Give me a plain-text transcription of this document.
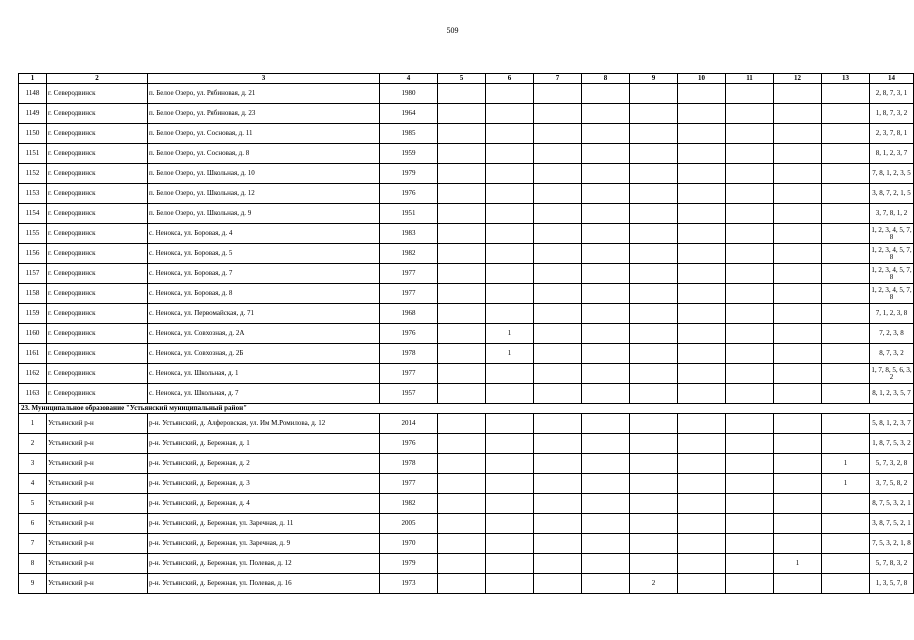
509
1	2	3	4	5	6	7	8	9	10	11	12	13	14
1148	г. Северодвинск	п. Белое Озеро, ул. Рябиновая, д. 21	1980										2, 8, 7, 3, 1
1149	г. Северодвинск	п. Белое Озеро, ул. Рябиновая, д. 23	1964										1, 8, 7, 3, 2
1150	г. Северодвинск	п. Белое Озеро, ул. Сосновая, д. 11	1985										2, 3, 7, 8, 1
1151	г. Северодвинск	п. Белое Озеро, ул. Сосновая, д. 8	1959										8, 1, 2, 3, 7
1152	г. Северодвинск	п. Белое Озеро, ул. Школьная, д. 10	1979										7, 8, 1, 2, 3, 5
1153	г. Северодвинск	п. Белое Озеро, ул. Школьная, д. 12	1976										3, 8, 7, 2, 1, 5
1154	г. Северодвинск	п. Белое Озеро, ул. Школьная, д. 9	1951										3, 7, 8, 1, 2
1155	г. Северодвинск	с. Ненокса, ул. Боровая, д. 4	1983										1, 2, 3, 4, 5, 7, 8
1156	г. Северодвинск	с. Ненокса, ул. Боровая, д. 5	1982										1, 2, 3, 4, 5, 7, 8
1157	г. Северодвинск	с. Ненокса, ул. Боровая, д. 7	1977										1, 2, 3, 4, 5, 7, 8
1158	г. Северодвинск	с. Ненокса, ул. Боровая, д. 8	1977										1, 2, 3, 4, 5, 7, 8
1159	г. Северодвинск	с. Ненокса, ул. Первомайская, д. 71	1968										7, 1, 2, 3, 8
1160	г. Северодвинск	с. Ненокса, ул. Совхозная, д. 2А	1976		1								7, 2, 3, 8
1161	г. Северодвинск	с. Ненокса, ул. Совхозная, д. 2Б	1978		1								8, 7, 3, 2
1162	г. Северодвинск	с. Ненокса, ул. Школьная, д. 1	1977										1, 7, 8, 5, 6, 3, 2
1163	г. Северодвинск	с. Ненокса, ул. Школьная, д. 7	1957										8, 1, 2, 3, 5, 7
23. Муниципальное образование "Устьянский муниципальный район"													
1	Устьянский р-н	р-н. Устьянский, д. Алферовская, ул. Им М.Ромилова, д. 12	2014										5, 8, 1, 2, 3, 7
2	Устьянский р-н	р-н. Устьянский, д. Бережная, д. 1	1976										1, 8, 7, 5, 3, 2
3	Устьянский р-н	р-н. Устьянский, д. Бережная, д. 2	1978									1	5, 7, 3, 2, 8
4	Устьянский р-н	р-н. Устьянский, д. Бережная, д. 3	1977									1	3, 7, 5, 8, 2
5	Устьянский р-н	р-н. Устьянский, д. Бережная, д. 4	1982										8, 7, 5, 3, 2, 1
6	Устьянский р-н	р-н. Устьянский, д. Бережная, ул. Заречная, д. 11	2005										3, 8, 7, 5, 2, 1
7	Устьянский р-н	р-н. Устьянский, д. Бережная, ул. Заречная, д. 9	1970										7, 5, 3, 2, 1, 8
8	Устьянский р-н	р-н. Устьянский, д. Бережная, ул. Полевая, д. 12	1979								1		5, 7, 8, 3, 2
9	Устьянский р-н	р-н. Устьянский, д. Бережная, ул. Полевая, д. 16	1973					2					1, 3, 5, 7, 8
